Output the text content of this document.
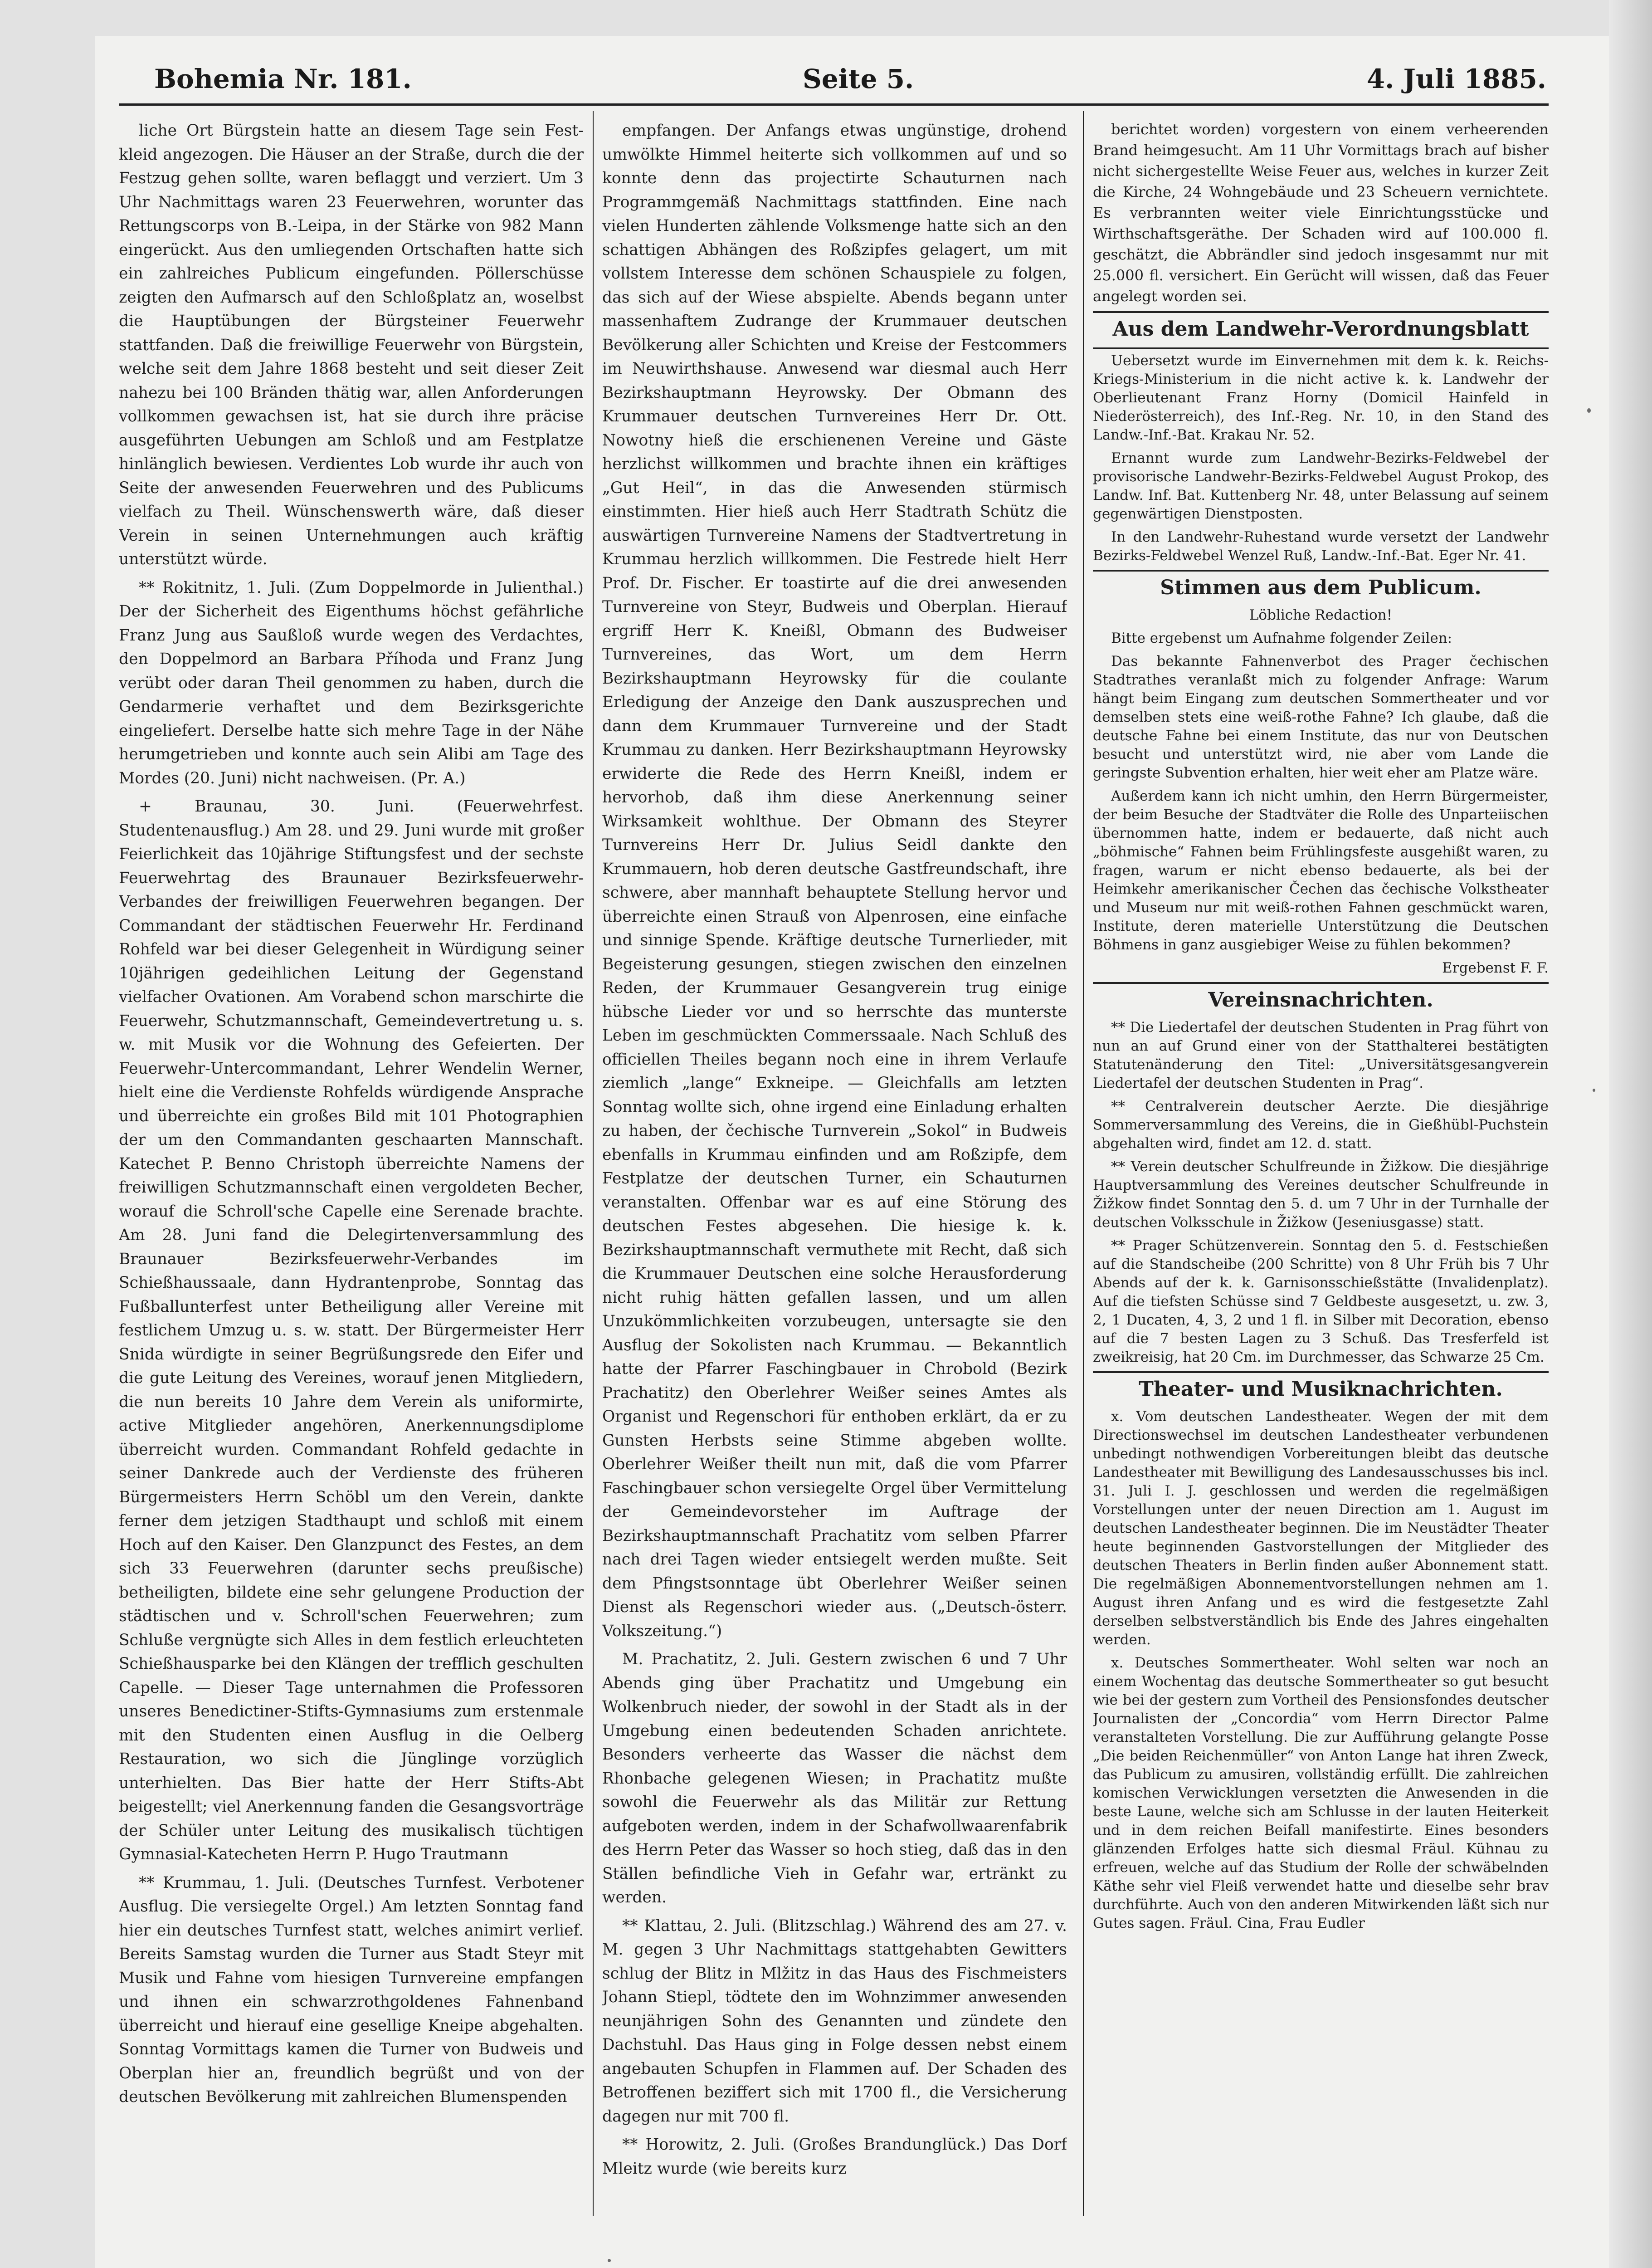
Bohemia Nr. 181.	Seite 5.	4. Juli 1885.

liche Ort Bürgstein hatte an diesem Tage sein Fest-kleid angezogen. Die Häuser an der Straße, durch die der Festzug gehen sollte, waren beflaggt und verziert. Um 3 Uhr Nachmittags waren 23 Feuerwehren, worunter das Rettungscorps von B.-Leipa, in der Stärke von 982 Mann eingerückt. Aus den umliegenden Ortschaften hatte sich ein zahlreiches Publicum eingefunden. Pöllerschüsse zeigten den Aufmarsch auf den Schloßplatz an, woselbst die Hauptübungen der Bürgsteiner Feuerwehr stattfanden. Daß die freiwillige Feuerwehr von Bürgstein, welche seit dem Jahre 1868 besteht und seit dieser Zeit nahezu bei 100 Bränden thätig war, allen Anforderungen vollkommen gewachsen ist, hat sie durch ihre präcise ausgeführten Uebungen am Schloß und am Festplatze hinlänglich bewiesen. Verdientes Lob wurde ihr auch von Seite der anwesenden Feuerwehren und des Publicums vielfach zu Theil. Wünschenswerth wäre, daß dieser Verein in seinen Unternehmungen auch kräftig unterstützt würde.

** Rokitnitz, 1. Juli. (Zum Doppelmorde in Julienthal.) Der der Sicherheit des Eigenthums höchst gefährliche Franz Jung aus Saußloß wurde wegen des Verdachtes, den Doppelmord an Barbara Příhoda und Franz Jung verübt oder daran Theil genommen zu haben, durch die Gendarmerie verhaftet und dem Bezirksgerichte eingeliefert. Derselbe hatte sich mehre Tage in der Nähe herumgetrieben und konnte auch sein Alibi am Tage des Mordes (20. Juni) nicht nachweisen. (Pr. A.)

+ Braunau, 30. Juni. (Feuerwehrfest. Studentenausflug.) Am 28. und 29. Juni wurde mit großer Feierlichkeit das 10jährige Stiftungsfest und der sechste Feuerwehrtag des Braunauer Bezirksfeuerwehr-Verbandes der freiwilligen Feuerwehren begangen. Der Commandant der städtischen Feuerwehr Hr. Ferdinand Rohfeld war bei dieser Gelegenheit in Würdigung seiner 10jährigen gedeihlichen Leitung der Gegenstand vielfacher Ovationen. Am Vorabend schon marschirte die Feuerwehr, Schutzmannschaft, Gemeindevertretung u. s. w. mit Musik vor die Wohnung des Gefeierten. Der Feuerwehr-Untercommandant, Lehrer Wendelin Werner, hielt eine die Verdienste Rohfelds würdigende Ansprache und überreichte ein großes Bild mit 101 Photographien der um den Commandanten geschaarten Mannschaft. Katechet P. Benno Christoph überreichte Namens der freiwilligen Schutzmannschaft einen vergoldeten Becher, worauf die Schroll'sche Capelle eine Serenade brachte. Am 28. Juni fand die Delegirtenversammlung des Braunauer Bezirksfeuerwehr-Verbandes im Schießhaussaale, dann Hydrantenprobe, Sonntag das Fußballunterfest unter Betheiligung aller Vereine mit festlichem Umzug u. s. w. statt. Der Bürgermeister Herr Snida würdigte in seiner Begrüßungsrede den Eifer und die gute Leitung des Vereines, worauf jenen Mitgliedern, die nun bereits 10 Jahre dem Verein als uniformirte, active Mitglieder angehören, Anerkennungsdiplome überreicht wurden. Commandant Rohfeld gedachte in seiner Dankrede auch der Verdienste des früheren Bürgermeisters Herrn Schöbl um den Verein, dankte ferner dem jetzigen Stadthaupt und schloß mit einem Hoch auf den Kaiser. Den Glanzpunct des Festes, an dem sich 33 Feuerwehren (darunter sechs preußische) betheiligten, bildete eine sehr gelungene Production der städtischen und v. Schroll'schen Feuerwehren; zum Schluße vergnügte sich Alles in dem festlich erleuchteten Schießhausparke bei den Klängen der trefflich geschulten Capelle. — Dieser Tage unternahmen die Professoren unseres Benedictiner-Stifts-Gymnasiums zum erstenmale mit den Studenten einen Ausflug in die Oelberg Restauration, wo sich die Jünglinge vorzüglich unterhielten. Das Bier hatte der Herr Stifts-Abt beigestellt; viel Anerkennung fanden die Gesangsvorträge der Schüler unter Leitung des musikalisch tüchtigen Gymnasial-Katecheten Herrn P. Hugo Trautmann

** Krummau, 1. Juli. (Deutsches Turnfest. Verbotener Ausflug. Die versiegelte Orgel.) Am letzten Sonntag fand hier ein deutsches Turnfest statt, welches animirt verlief. Bereits Samstag wurden die Turner aus Stadt Steyr mit Musik und Fahne vom hiesigen Turnvereine empfangen und ihnen ein schwarzrothgoldenes Fahnenband überreicht und hierauf eine gesellige Kneipe abgehalten. Sonntag Vormittags kamen die Turner von Budweis und Oberplan hier an, freundlich begrüßt und von der deutschen Bevölkerung mit zahlreichen Blumenspenden

empfangen. Der Anfangs etwas ungünstige, drohend umwölkte Himmel heiterte sich vollkommen auf und so konnte denn das projectirte Schauturnen nach Programmgemäß Nachmittags stattfinden. Eine nach vielen Hunderten zählende Volksmenge hatte sich an den schattigen Abhängen des Roßzipfes gelagert, um mit vollstem Interesse dem schönen Schauspiele zu folgen, das sich auf der Wiese abspielte. Abends begann unter massenhaftem Zudrange der Krummauer deutschen Bevölkerung aller Schichten und Kreise der Festcommers im Neuwirthshause. Anwesend war diesmal auch Herr Bezirkshauptmann Heyrowsky. Der Obmann des Krummauer deutschen Turnvereines Herr Dr. Ott. Nowotny hieß die erschienenen Vereine und Gäste herzlichst willkommen und brachte ihnen ein kräftiges „Gut Heil“, in das die Anwesenden stürmisch einstimmten. Hier hieß auch Herr Stadtrath Schütz die auswärtigen Turnvereine Namens der Stadtvertretung in Krummau herzlich willkommen. Die Festrede hielt Herr Prof. Dr. Fischer. Er toastirte auf die drei anwesenden Turnvereine von Steyr, Budweis und Oberplan. Hierauf ergriff Herr K. Kneißl, Obmann des Budweiser Turnvereines, das Wort, um dem Herrn Bezirkshauptmann Heyrowsky für die coulante Erledigung der Anzeige den Dank auszusprechen und dann dem Krummauer Turnvereine und der Stadt Krummau zu danken. Herr Bezirkshauptmann Heyrowsky erwiderte die Rede des Herrn Kneißl, indem er hervorhob, daß ihm diese Anerkennung seiner Wirksamkeit wohlthue. Der Obmann des Steyrer Turnvereins Herr Dr. Julius Seidl dankte den Krummauern, hob deren deutsche Gastfreundschaft, ihre schwere, aber mannhaft behauptete Stellung hervor und überreichte einen Strauß von Alpenrosen, eine einfache und sinnige Spende. Kräftige deutsche Turnerlieder, mit Begeisterung gesungen, stiegen zwischen den einzelnen Reden, der Krummauer Gesangverein trug einige hübsche Lieder vor und so herrschte das munterste Leben im geschmückten Commerssaale. Nach Schluß des officiellen Theiles begann noch eine in ihrem Verlaufe ziemlich „lange“ Exkneipe. — Gleichfalls am letzten Sonntag wollte sich, ohne irgend eine Einladung erhalten zu haben, der čechische Turnverein „Sokol“ in Budweis ebenfalls in Krummau einfinden und am Roßzipfe, dem Festplatze der deutschen Turner, ein Schauturnen veranstalten. Offenbar war es auf eine Störung des deutschen Festes abgesehen. Die hiesige k. k. Bezirkshauptmannschaft vermuthete mit Recht, daß sich die Krummauer Deutschen eine solche Herausforderung nicht ruhig hätten gefallen lassen, und um allen Unzukömmlichkeiten vorzubeugen, untersagte sie den Ausflug der Sokolisten nach Krummau. — Bekanntlich hatte der Pfarrer Faschingbauer in Chrobold (Bezirk Prachatitz) den Oberlehrer Weißer seines Amtes als Organist und Regenschori für enthoben erklärt, da er zu Gunsten Herbsts seine Stimme abgeben wollte. Oberlehrer Weißer theilt nun mit, daß die vom Pfarrer Faschingbauer schon versiegelte Orgel über Vermittelung der Gemeindevorsteher im Auftrage der Bezirkshauptmannschaft Prachatitz vom selben Pfarrer nach drei Tagen wieder entsiegelt werden mußte. Seit dem Pfingstsonntage übt Oberlehrer Weißer seinen Dienst als Regenschori wieder aus. („Deutsch-österr. Volkszeitung.“)

M. Prachatitz, 2. Juli. Gestern zwischen 6 und 7 Uhr Abends ging über Prachatitz und Umgebung ein Wolkenbruch nieder, der sowohl in der Stadt als in der Umgebung einen bedeutenden Schaden anrichtete. Besonders verheerte das Wasser die nächst dem Rhonbache gelegenen Wiesen; in Prachatitz mußte sowohl die Feuerwehr als das Militär zur Rettung aufgeboten werden, indem in der Schafwollwaarenfabrik des Herrn Peter das Wasser so hoch stieg, daß das in den Ställen befindliche Vieh in Gefahr war, ertränkt zu werden.

** Klattau, 2. Juli. (Blitzschlag.) Während des am 27. v. M. gegen 3 Uhr Nachmittags stattgehabten Gewitters schlug der Blitz in Mlžitz in das Haus des Fischmeisters Johann Stiepl, tödtete den im Wohnzimmer anwesenden neunjährigen Sohn des Genannten und zündete den Dachstuhl. Das Haus ging in Folge dessen nebst einem angebauten Schupfen in Flammen auf. Der Schaden des Betroffenen beziffert sich mit 1700 fl., die Versicherung dagegen nur mit 700 fl.

** Horowitz, 2. Juli. (Großes Brandunglück.) Das Dorf Mleitz wurde (wie bereits kurz

berichtet worden) vorgestern von einem verheerenden Brand heimgesucht. Am 11 Uhr Vormittags brach auf bisher nicht sichergestellte Weise Feuer aus, welches in kurzer Zeit die Kirche, 24 Wohngebäude und 23 Scheuern vernichtete. Es verbrannten weiter viele Einrichtungsstücke und Wirthschaftsgeräthe. Der Schaden wird auf 100.000 fl. geschätzt, die Abbrändler sind jedoch insgesammt nur mit 25.000 fl. versichert. Ein Gerücht will wissen, daß das Feuer angelegt worden sei.

Aus dem Landwehr-Verordnungsblatt

Uebersetzt wurde im Einvernehmen mit dem k. k. Reichs-Kriegs-Ministerium in die nicht active k. k. Landwehr der Oberlieutenant Franz Horny (Domicil Hainfeld in Niederösterreich), des Inf.-Reg. Nr. 10, in den Stand des Landw.-Inf.-Bat. Krakau Nr. 52.

Ernannt wurde zum Landwehr-Bezirks-Feldwebel der provisorische Landwehr-Bezirks-Feldwebel August Prokop, des Landw. Inf. Bat. Kuttenberg Nr. 48, unter Belassung auf seinem gegenwärtigen Dienstposten.

In den Landwehr-Ruhestand wurde versetzt der Landwehr Bezirks-Feldwebel Wenzel Ruß, Landw.-Inf.-Bat. Eger Nr. 41.

Stimmen aus dem Publicum.

Löbliche Redaction!

Bitte ergebenst um Aufnahme folgender Zeilen:

Das bekannte Fahnenverbot des Prager čechischen Stadtrathes veranlaßt mich zu folgender Anfrage: Warum hängt beim Eingang zum deutschen Sommertheater und vor demselben stets eine weiß-rothe Fahne? Ich glaube, daß die deutsche Fahne bei einem Institute, das nur von Deutschen besucht und unterstützt wird, nie aber vom Lande die geringste Subvention erhalten, hier weit eher am Platze wäre.

Außerdem kann ich nicht umhin, den Herrn Bürgermeister, der beim Besuche der Stadtväter die Rolle des Unparteiischen übernommen hatte, indem er bedauerte, daß nicht auch „böhmische“ Fahnen beim Frühlingsfeste ausgehißt waren, zu fragen, warum er nicht ebenso bedauerte, als bei der Heimkehr amerikanischer Čechen das čechische Volkstheater und Museum nur mit weiß-rothen Fahnen geschmückt waren, Institute, deren materielle Unterstützung die Deutschen Böhmens in ganz ausgiebiger Weise zu fühlen bekommen?

Ergebenst F. F.

Vereinsnachrichten.

** Die Liedertafel der deutschen Studenten in Prag führt von nun an auf Grund einer von der Statthalterei bestätigten Statutenänderung den Titel: „Universitätsgesangverein Liedertafel der deutschen Studenten in Prag“.

** Centralverein deutscher Aerzte. Die diesjährige Sommerversammlung des Vereins, die in Gießhübl-Puchstein abgehalten wird, findet am 12. d. statt.

** Verein deutscher Schulfreunde in Žižkow. Die diesjährige Hauptversammlung des Vereines deutscher Schulfreunde in Žižkow findet Sonntag den 5. d. um 7 Uhr in der Turnhalle der deutschen Volksschule in Žižkow (Jeseniusgasse) statt.

** Prager Schützenverein. Sonntag den 5. d. Festschießen auf die Standscheibe (200 Schritte) von 8 Uhr Früh bis 7 Uhr Abends auf der k. k. Garnisonsschießstätte (Invalidenplatz). Auf die tiefsten Schüsse sind 7 Geldbeste ausgesetzt, u. zw. 3, 2, 1 Ducaten, 4, 3, 2 und 1 fl. in Silber mit Decoration, ebenso auf die 7 besten Lagen zu 3 Schuß. Das Tresferfeld ist zweikreisig, hat 20 Cm. im Durchmesser, das Schwarze 25 Cm.

Theater- und Musiknachrichten.

x. Vom deutschen Landestheater. Wegen der mit dem Directionswechsel im deutschen Landestheater verbundenen unbedingt nothwendigen Vorbereitungen bleibt das deutsche Landestheater mit Bewilligung des Landesausschusses bis incl. 31. Juli I. J. geschlossen und werden die regelmäßigen Vorstellungen unter der neuen Direction am 1. August im deutschen Landestheater beginnen. Die im Neustädter Theater heute beginnenden Gastvorstellungen der Mitglieder des deutschen Theaters in Berlin finden außer Abonnement statt. Die regelmäßigen Abonnementvorstellungen nehmen am 1. August ihren Anfang und es wird die festgesetzte Zahl derselben selbstverständlich bis Ende des Jahres eingehalten werden.

x. Deutsches Sommertheater. Wohl selten war noch an einem Wochentag das deutsche Sommertheater so gut besucht wie bei der gestern zum Vortheil des Pensionsfondes deutscher Journalisten der „Concordia“ vom Herrn Director Palme veranstalteten Vorstellung. Die zur Aufführung gelangte Posse „Die beiden Reichenmüller“ von Anton Lange hat ihren Zweck, das Publicum zu amusiren, vollständig erfüllt. Die zahlreichen komischen Verwicklungen versetzten die Anwesenden in die beste Laune, welche sich am Schlusse in der lauten Heiterkeit und in dem reichen Beifall manifestirte. Eines besonders glänzenden Erfolges hatte sich diesmal Fräul. Kühnau zu erfreuen, welche auf das Studium der Rolle der schwäbelnden Käthe sehr viel Fleiß verwendet hatte und dieselbe sehr brav durchführte. Auch von den anderen Mitwirkenden läßt sich nur Gutes sagen. Fräul. Cina, Frau Eudler
